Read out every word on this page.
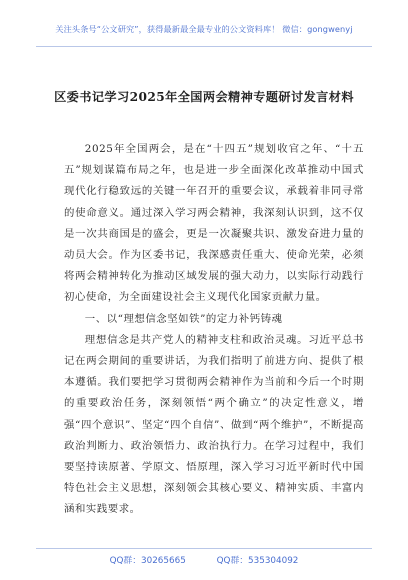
关注头条号“公文研究”，获得最新最全最专业的公文资料库！ 微信：gongwenyj
区委书记学习2025年全国两会精神专题研讨发言材料

2025年全国两会，是在“十四五”规划收官之年、“十五五”规划谋篇布局之年，也是进一步全面深化改革推动中国式现代化行稳致远的关键一年召开的重要会议，承载着非同寻常的使命意义。通过深入学习两会精神，我深刻认识到，这不仅是一次共商国是的盛会，更是一次凝聚共识、激发奋进力量的动员大会。作为区委书记，我深感责任重大、使命光荣，必须将两会精神转化为推动区域发展的强大动力，以实际行动践行初心使命，为全面建设社会主义现代化国家贡献力量。

一、以“理想信念坚如铁”的定力补钙铸魂

理想信念是共产党人的精神支柱和政治灵魂。习近平总书记在两会期间的重要讲话，为我们指明了前进方向、提供了根本遵循。我们要把学习贯彻两会精神作为当前和今后一个时期的重要政治任务，深刻领悟“两个确立”的决定性意义，增强“四个意识”、坚定“四个自信”、做到“两个维护”，不断提高政治判断力、政治领悟力、政治执行力。在学习过程中，我们要坚持读原著、学原文、悟原理，深入学习习近平新时代中国特色社会主义思想，深刻领会其核心要义、精神实质、丰富内涵和实践要求。

QQ群：30265665	QQ群：535304092
